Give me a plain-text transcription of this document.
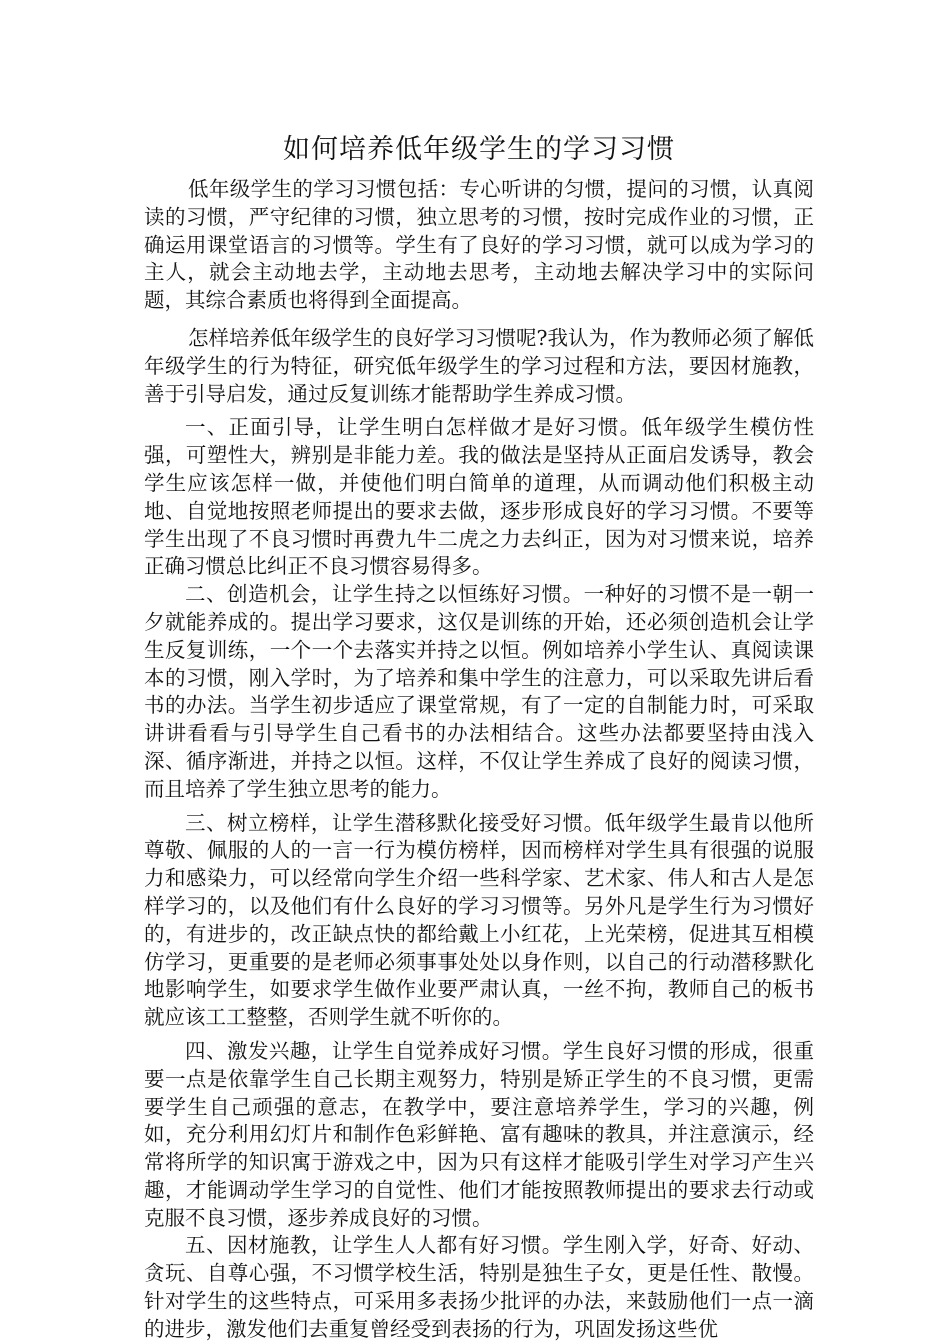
如何培养低年级学生的学习习惯

低年级学生的学习习惯包括：专心听讲的匀惯，提问的习惯，认真阅读的习惯，严守纪律的习惯，独立思考的习惯，按时完成作业的习惯，正确运用课堂语言的习惯等。学生有了良好的学习习惯，就可以成为学习的主人，就会主动地去学，主动地去思考，主动地去解决学习中的实际问题，其综合素质也将得到全面提高。

怎样培养低年级学生的良好学习习惯呢?我认为，作为教师必须了解低年级学生的行为特征，研究低年级学生的学习过程和方法，要因材施教，善于引导启发，通过反复训练才能帮助学生养成习惯。

一、正面引导，让学生明白怎样做才是好习惯。低年级学生模仿性强，可塑性大，辨别是非能力差。我的做法是坚持从正面启发诱导，教会学生应该怎样一做，并使他们明白简单的道理，从而调动他们积极主动地、自觉地按照老师提出的要求去做，逐步形成良好的学习习惯。不要等学生出现了不良习惯时再费九牛二虎之力去纠正，因为对习惯来说，培养正确习惯总比纠正不良习惯容易得多。

二、创造机会，让学生持之以恒练好习惯。一种好的习惯不是一朝一夕就能养成的。提出学习要求，这仅是训练的开始，还必须创造机会让学生反复训练，一个一个去落实并持之以恒。例如培养小学生认、真阅读课本的习惯，刚入学时，为了培养和集中学生的注意力，可以采取先讲后看书的办法。当学生初步适应了课堂常规，有了一定的自制能力时，可采取讲讲看看与引导学生自己看书的办法相结合。这些办法都要坚持由浅入深、循序渐进，并持之以恒。这样，不仅让学生养成了良好的阅读习惯，而且培养了学生独立思考的能力。

三、树立榜样，让学生潜移默化接受好习惯。低年级学生最肯以他所尊敬、佩服的人的一言一行为模仿榜样，因而榜样对学生具有很强的说服力和感染力，可以经常向学生介绍一些科学家、艺术家、伟人和古人是怎样学习的，以及他们有什么良好的学习习惯等。另外凡是学生行为习惯好的，有进步的，改正缺点快的都给戴上小红花，上光荣榜，促进其互相模仿学习，更重要的是老师必须事事处处以身作则，以自己的行动潜移默化地影响学生，如要求学生做作业要严肃认真，一丝不拘，教师自己的板书就应该工工整整，否则学生就不听你的。

四、激发兴趣，让学生自觉养成好习惯。学生良好习惯的形成，很重要一点是依靠学生自己长期主观努力，特别是矫正学生的不良习惯，更需要学生自己顽强的意志，在教学中，要注意培养学生，学习的兴趣，例如，充分利用幻灯片和制作色彩鲜艳、富有趣味的教具，并注意演示，经常将所学的知识寓于游戏之中，因为只有这样才能吸引学生对学习产生兴趣，才能调动学生学习的自觉性、他们才能按照教师提出的要求去行动或克服不良习惯，逐步养成良好的习惯。

五、因材施教，让学生人人都有好习惯。学生刚入学，好奇、好动、贪玩、自尊心强，不习惯学校生活，特别是独生子女，更是任性、散慢。针对学生的这些特点，可采用多表扬少批评的办法，来鼓励他们一点一滴的进步，激发他们去重复曾经受到表扬的行为，巩固发扬这些优
